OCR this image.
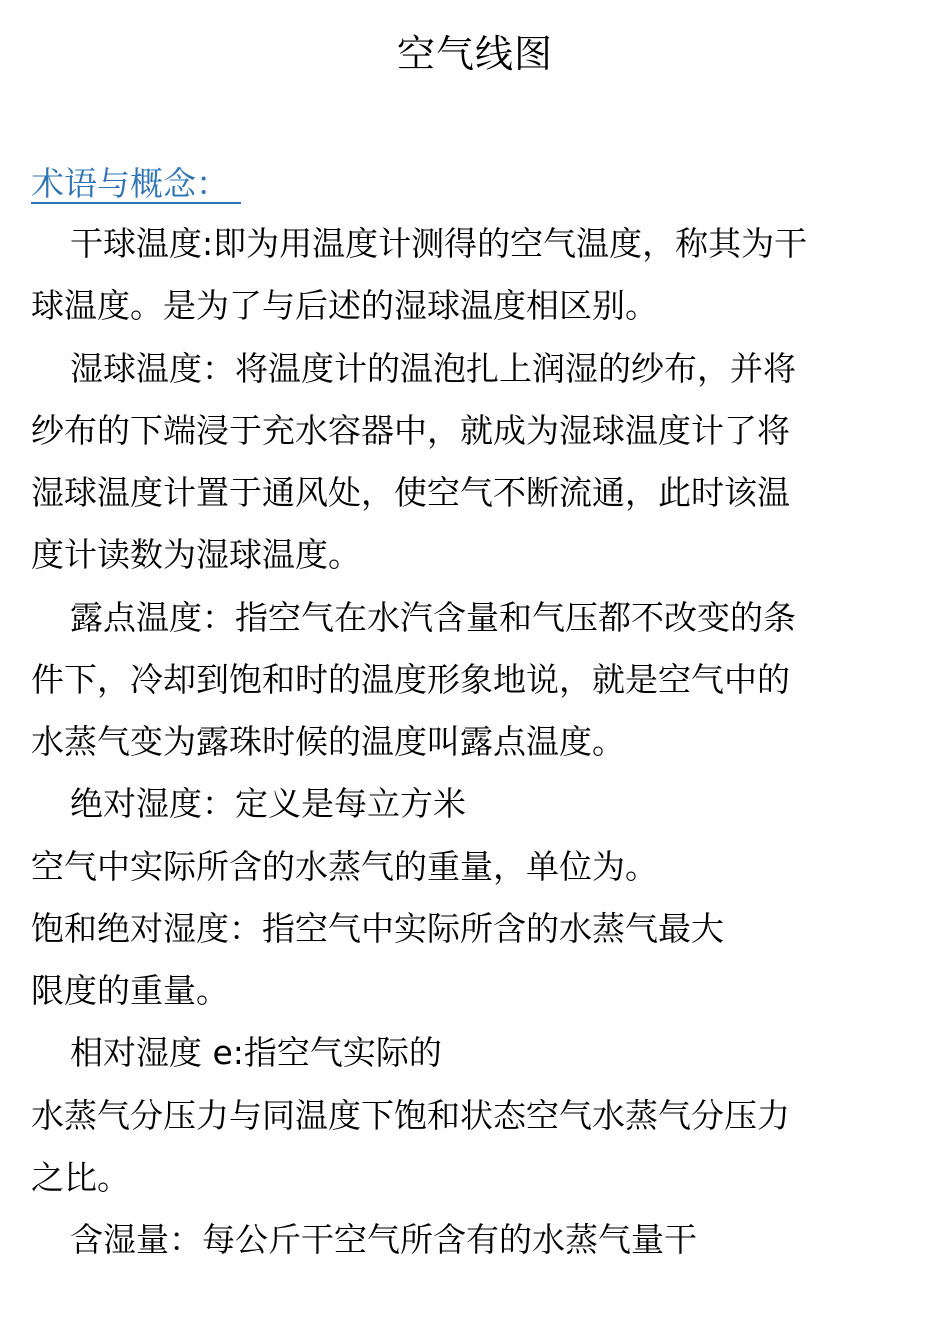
空气线图
术语与概念：
干球温度:即为用温度计测得的空气温度，称其为干
球温度。是为了与后述的湿球温度相区别。
湿球温度：将温度计的温泡扎上润湿的纱布，并将
纱布的下端浸于充水容器中，就成为湿球温度计了将
湿球温度计置于通风处，使空气不断流通，此时该温
度计读数为湿球温度。
露点温度：指空气在水汽含量和气压都不改变的条
件下，冷却到饱和时的温度形象地说，就是空气中的
水蒸气变为露珠时候的温度叫露点温度。
绝对湿度：定义是每立方米
空气中实际所含的水蒸气的重量，单位为。
饱和绝对湿度：指空气中实际所含的水蒸气最大
限度的重量。
相对湿度 e:指空气实际的
水蒸气分压力与同温度下饱和状态空气水蒸气分压力
之比。
含湿量：每公斤干空气所含有的水蒸气量干
